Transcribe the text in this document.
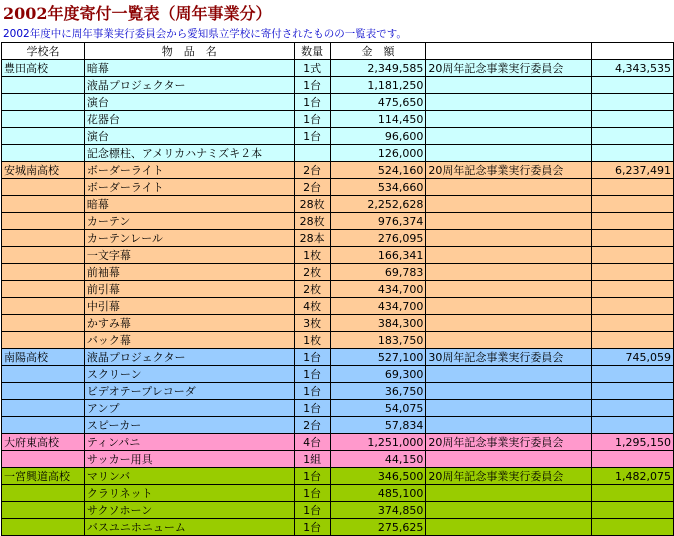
2002年度寄付一覧表（周年事業分）
2002年度中に周年事業実行委員会から愛知県立学校に寄付されたものの一覧表です。
学校名	物　品　名	数量	金　額		
豊田高校	暗幕	1式	2,349,585	20周年記念事業実行委員会	4,343,535
	液晶プロジェクター	1台	1,181,250		
	演台	1台	475,650		
	花器台	1台	114,450		
	演台	1台	96,600		
	記念標柱、アメリカハナミズキ２本		126,000		
安城南高校	ボーダーライト	2台	524,160	20周年記念事業実行委員会	6,237,491
	ボーダーライト	2台	534,660		
	暗幕	28枚	2,252,628		
	カーテン	28枚	976,374		
	カーテンレール	28本	276,095		
	一文字幕	1枚	166,341		
	前袖幕	2枚	69,783		
	前引幕	2枚	434,700		
	中引幕	4枚	434,700		
	かすみ幕	3枚	384,300		
	バック幕	1枚	183,750		
南陽高校	液晶プロジェクター	1台	527,100	30周年記念事業実行委員会	745,059
	スクリーン	1台	69,300		
	ビデオテープレコーダ	1台	36,750		
	アンプ	1台	54,075		
	スピーカー	2台	57,834		
大府東高校	ティンパニ	4台	1,251,000	20周年記念事業実行委員会	1,295,150
	サッカー用具	1組	44,150		
一宮興道高校	マリンバ	1台	346,500	20周年記念事業実行委員会	1,482,075
	クラリネット	1台	485,100		
	サクソホーン	1台	374,850		
	バスユニホニューム	1台	275,625		
